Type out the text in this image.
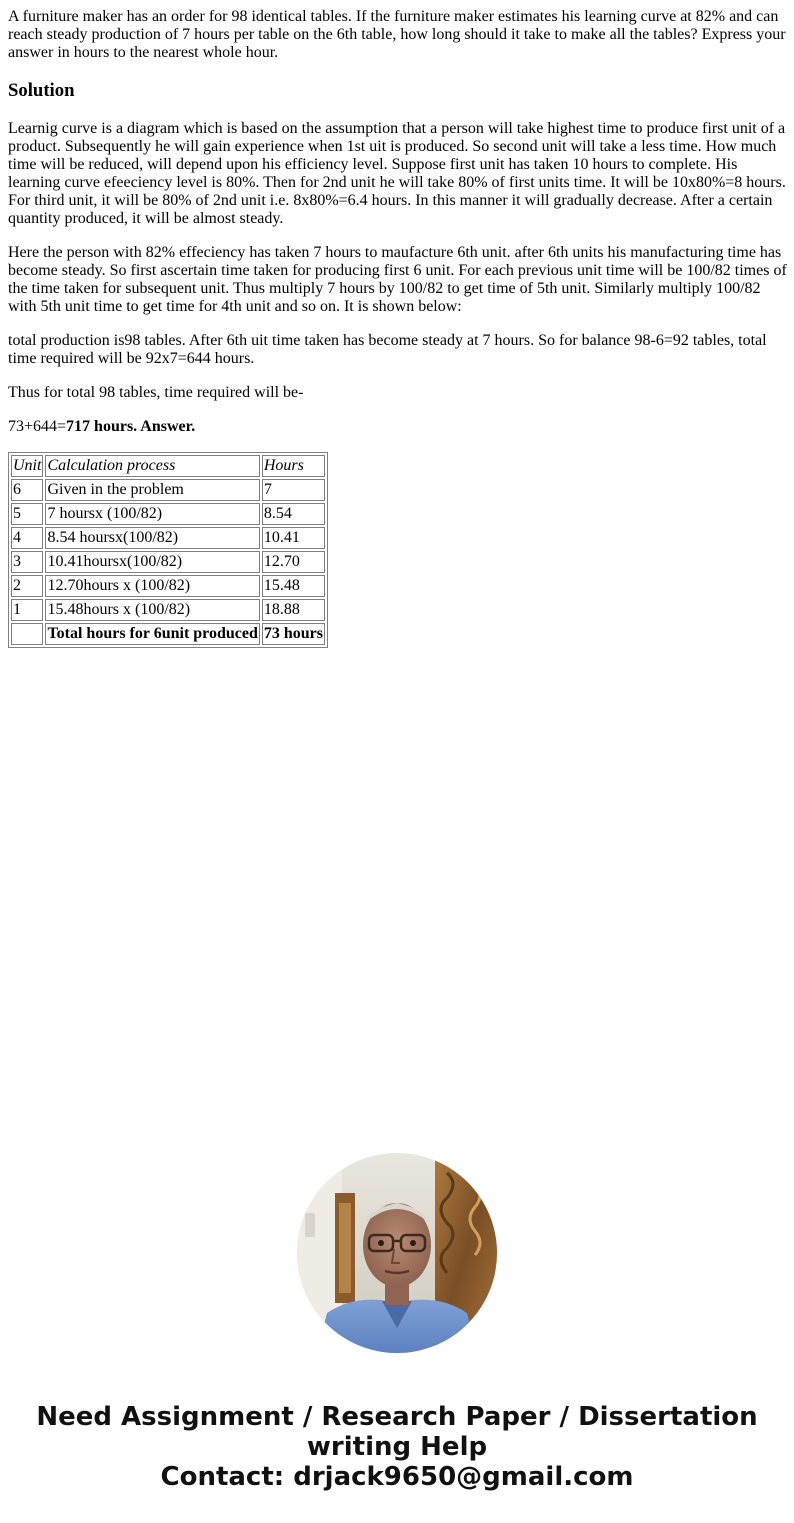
A furniture maker has an order for 98 identical tables. If the furniture maker estimates his learning curve at 82% and can reach steady production of 7 hours per table on the 6th table, how long should it take to make all the tables? Express your answer in hours to the nearest whole hour.

Solution

Learnig curve is a diagram which is based on the assumption that a person will take highest time to produce first unit of a product. Subsequently he will gain experience when 1st uit is produced. So second unit will take a less time. How much time will be reduced, will depend upon his efficiency level. Suppose first unit has taken 10 hours to complete. His learning curve efeeciency level is 80%. Then for 2nd unit he will take 80% of first units time. It will be 10x80%=8 hours. For third unit, it will be 80% of 2nd unit i.e. 8x80%=6.4 hours. In this manner it will gradually decrease. After a certain quantity produced, it will be almost steady.

Here the person with 82% effeciency has taken 7 hours to maufacture 6th unit. after 6th units his manufacturing time has become steady. So first ascertain time taken for producing first 6 unit. For each previous unit time will be 100/82 times of the time taken for subsequent unit. Thus multiply 7 hours by 100/82 to get time of 5th unit. Similarly multiply 100/82 with 5th unit time to get time for 4th unit and so on. It is shown below:

total production is98 tables. After 6th uit time taken has become steady at 7 hours. So for balance 98-6=92 tables, total time required will be 92x7=644 hours.

Thus for total 98 tables, time required will be-

73+644=717 hours. Answer.

Unit	Calculation process	Hours
6	Given in the problem	7
5	7 hoursx (100/82)	8.54
4	8.54 hoursx(100/82)	10.41
3	10.41hoursx(100/82)	12.70
2	12.70hours x (100/82)	15.48
1	15.48hours x (100/82)	18.88
	Total hours for 6unit produced	73 hours
Need Assignment / Research Paper / Dissertation
writing Help
Contact: drjack9650@gmail.com
